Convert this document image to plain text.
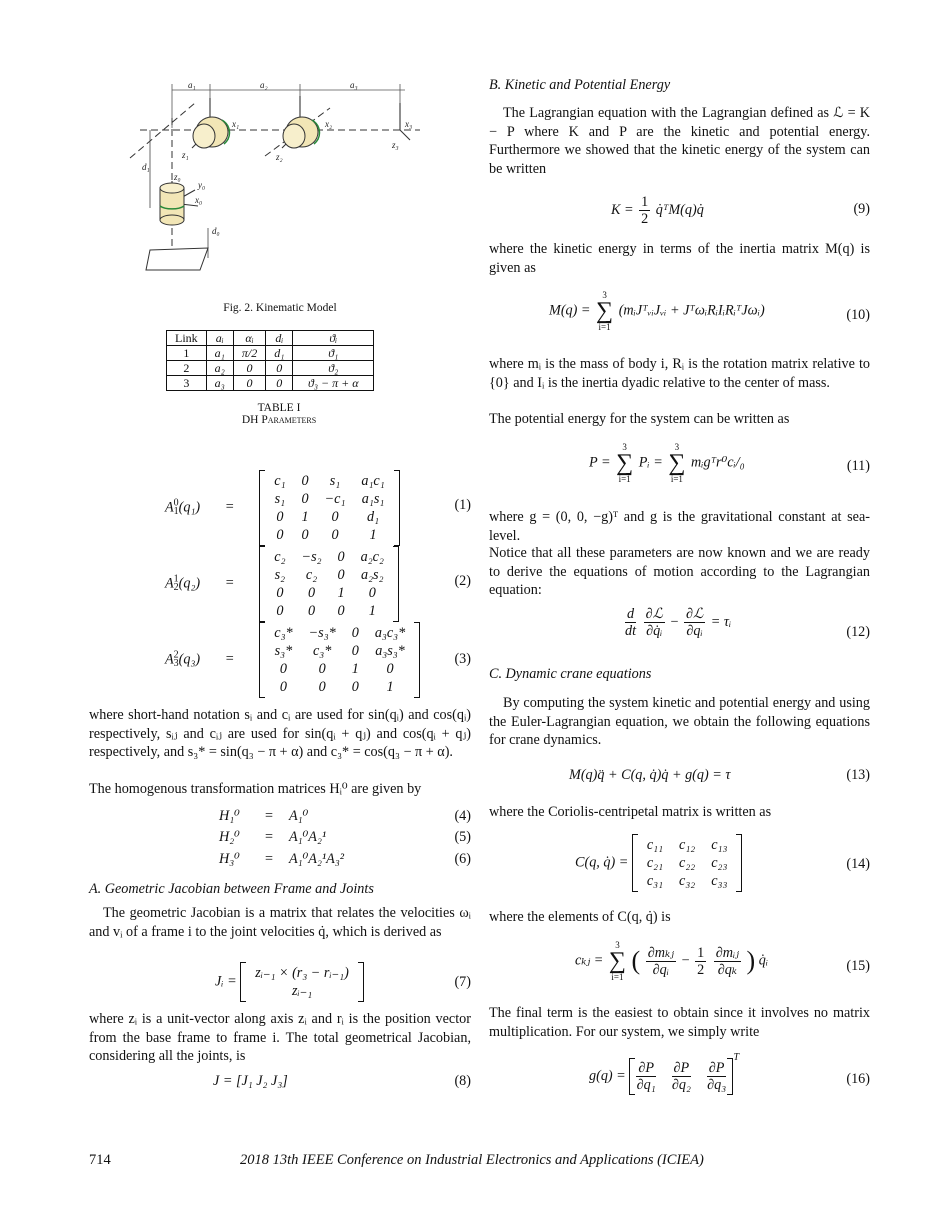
a₁	a₂	a₃
x₁	x₂	x₃
z₁	z₂
z₃
d₁
z₀
y₀
x₀
d₀
Fig. 2. Kinematic Model
Link	aᵢ	αᵢ	dᵢ	ϑᵢ
1	a₁	π/2	d₁	ϑ₁
2	a₂	0	0	ϑ₂
3	a₃	0	0	ϑ₃ − π + α
TABLE I
DH Parameters
$A^0_1(q_1)$ =
c₁	0	s₁	a₁c₁
s₁	0	−c₁	a₁s₁
0	1	0	d₁
0	0	0	1
(1)
$A^1_2(q_2)$ =
c₂	−s₂	0	a₂c₂
s₂	c₂	0	a₂s₂
0	0	1	0
0	0	0	1
(2)
$A^2_3(q_3)$ =
c₃*	−s₃*	0	a₃c₃*
s₃*	c₃*	0	a₃s₃*
0	0	1	0
0	0	0	1
(3)

where short-hand notation sᵢ and cᵢ are used for sin(qᵢ) and cos(qᵢ) respectively, sᵢⱼ and cᵢⱼ are used for sin(qᵢ + qⱼ) and cos(qᵢ + qⱼ) respectively, and s₃* = sin(q₃ − π + α) and c₃* = cos(q₃ − π + α).

The homogenous transformation matrices Hᵢ⁰ are given by

H₁⁰ = A₁⁰	(4)
H₂⁰ = A₁⁰A₂¹	(5)
H₃⁰ = A₁⁰A₂¹A₃²	(6)
A. Geometric Jacobian between Frame and Joints

The geometric Jacobian is a matrix that relates the velocities ωᵢ and vᵢ of a frame i to the joint velocities q̇, which is derived as

Jᵢ =
zᵢ₋₁ × (r₃ − rᵢ₋₁)
zᵢ₋₁
(7)

where zᵢ is a unit-vector along axis zᵢ and rᵢ is the position vector from the base frame to frame i. The total geometrical Jacobian, considering all the joints, is

J = [J₁ J₂ J₃]	(8)
B. Kinetic and Potential Energy

The Lagrangian equation with the Lagrangian defined as ℒ = K − P where K and P are the kinetic and potential energy. Furthermore we showed that the kinetic energy of the system can be written

$K = \frac{1}{2}$ q̇ᵀM(q)q̇	(9)

where the kinetic energy in terms of the inertia matrix M(q) is given as

M(q) =
3
∑
i=1
(mᵢJᵀᵥᵢJᵥᵢ + JᵀωᵢRᵢIᵢRᵢᵀJωᵢ)	(10)

where mᵢ is the mass of body i, Rᵢ is the rotation matrix relative to {0} and Iᵢ is the inertia dyadic relative to the center of mass.

The potential energy for the system can be written as

P =
3
∑
i=1
Pᵢ =
3
∑
i=1
mᵢgᵀr⁰cᵢ/₀	(11)

where g = (0, 0, −g)ᵀ and g is the gravitational constant at sea-level.

Notice that all these parameters are now known and we are ready to derive the equations of motion according to the Lagrangian equation:

$\frac{d}{dt}$
$\frac{\text{∂ℒ}}{\text{∂q̇ᵢ}} - \frac{\text{∂ℒ}}{\text{∂qᵢ}}$ = τᵢ
(12)
C. Dynamic crane equations

By computing the system kinetic and potential energy and using the Euler-Lagrangian equation, we obtain the following equations for crane dynamics.

M(q)q̈ + C(q, q̇)q̇ + g(q) = τ	(13)

where the Coriolis-centripetal matrix is written as

C(q, q̇) =
c₁₁	c₁₂	c₁₃
c₂₁	c₂₂	c₂₃
c₃₁	c₃₂	c₃₃
(14)

where the elements of C(q, q̇) is

cₖⱼ =
3
∑
i=1
( $\frac{\text{∂mₖⱼ}}{\text{∂qᵢ}} - \frac{1}{2}$
$\frac{\text{∂mᵢⱼ}}{\text{∂qₖ}}$ ) q̇ᵢ	(15)

The final term is the easiest to obtain since it involves no matrix multiplication. For our system, we simply write

$g(q) = \frac{\partial P}{\text{∂q₁}}$
$\frac{\partial P}{\text{∂q₂}}$
$\frac{\partial P}{\text{∂q₃}}$
$^T$
(16)
714	2018 13th IEEE Conference on Industrial Electronics and Applications (ICIEA)
